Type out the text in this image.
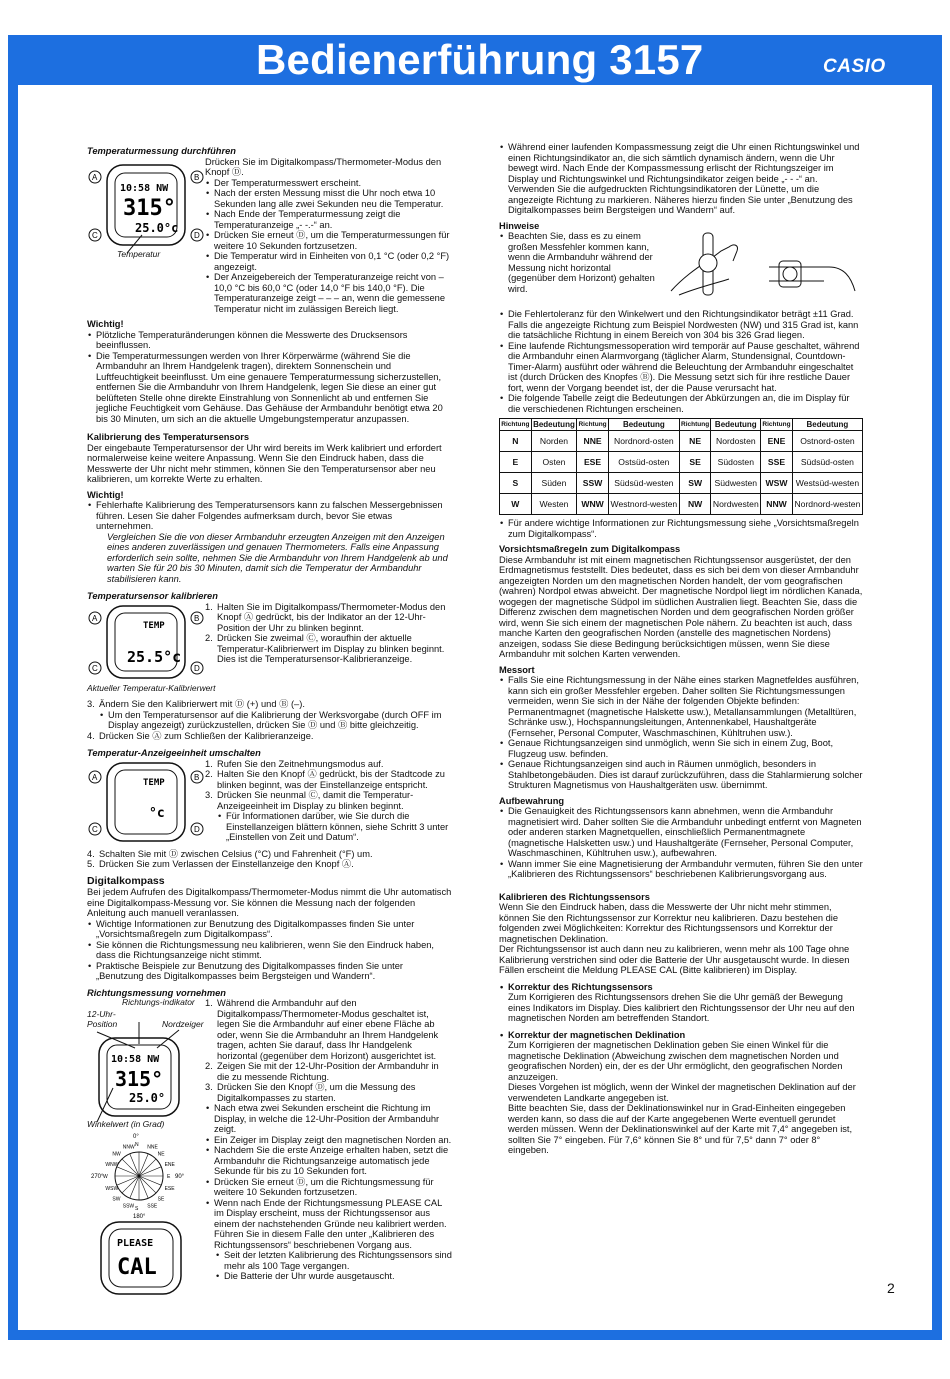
Bedienerführung 3157	CASIO
Temperaturmessung durchführen
A	B
C	D
10:58 NW
315°
25.0°c
Temperatur

Drücken Sie im Digitalkompass/Thermometer-Modus den Knopf Ⓓ.

• Der Temperaturmesswert erscheint.
• Nach der ersten Messung misst die Uhr noch etwa 10 Sekunden lang alle zwei Sekunden neu die Temperatur.
• Nach Ende der Temperaturmessung zeigt die Temperaturanzeige „- -.-“ an.
• Drücken Sie erneut Ⓓ, um die Temperaturmessungen für weitere 10 Sekunden fortzusetzen.
• Die Temperatur wird in Einheiten von 0,1 °C (oder 0,2 °F) angezeigt.
• Der Anzeigebereich der Temperaturanzeige reicht von –10,0 °C bis 60,0 °C (oder 14,0 °F bis 140,0 °F). Die Temperaturanzeige zeigt – – – an, wenn die gemessene Temperatur nicht im zulässigen Bereich liegt.
Wichtig!
• Plötzliche Temperaturänderungen können die Messwerte des Drucksensors beeinflussen.
• Die Temperaturmessungen werden von Ihrer Körperwärme (während Sie die Armbanduhr an Ihrem Handgelenk tragen), direktem Sonnenschein und Luftfeuchtigkeit beeinflusst. Um eine genauere Temperaturmessung sicherzustellen, entfernen Sie die Armbanduhr von Ihrem Handgelenk, legen Sie diese an einer gut belüfteten Stelle ohne direkte Einstrahlung von Sonnenlicht ab und entfernen Sie jegliche Feuchtigkeit vom Gehäuse. Das Gehäuse der Armbanduhr benötigt etwa 20 bis 30 Minuten, um sich an die aktuelle Umgebungstemperatur anzupassen.
Kalibrierung des Temperatursensors

Der eingebaute Temperatursensor der Uhr wird bereits im Werk kalibriert und erfordert normalerweise keine weitere Anpassung. Wenn Sie den Eindruck haben, dass die Messwerte der Uhr nicht mehr stimmen, können Sie den Temperatursensor aber neu kalibrieren, um korrekte Werte zu erhalten.

Wichtig!
• Fehlerhafte Kalibrierung des Temperatursensors kann zu falschen Messergebnissen führen. Lesen Sie daher Folgendes aufmerksam durch, bevor Sie etwas unternehmen.

Vergleichen Sie die von dieser Armbanduhr erzeugten Anzeigen mit den Anzeigen eines anderen zuverlässigen und genauen Thermometers. Falls eine Anpassung erforderlich sein sollte, nehmen Sie die Armbanduhr von Ihrem Handgelenk ab und warten Sie für 20 bis 30 Minuten, damit sich die Temperatur der Armbanduhr stabilisieren kann.

Temperatursensor kalibrieren
A	B
C	D
TEMP
25.5°c
1. Halten Sie im Digitalkompass/Thermometer-Modus den Knopf Ⓐ gedrückt, bis der Indikator an der 12-Uhr-Position der Uhr zu blinken beginnt.
2. Drücken Sie zweimal Ⓒ, woraufhin der aktuelle Temperatur-Kalibrierwert im Display zu blinken beginnt. Dies ist die Temperatursensor-Kalibrieranzeige.
Aktueller Temperatur-Kalibrierwert
3. Ändern Sie den Kalibrierwert mit Ⓓ (+) und Ⓑ (–).
• Um den Temperatursensor auf die Kalibrierung der Werksvorgabe (durch OFF im Display angezeigt) zurückzustellen, drücken Sie Ⓓ und Ⓑ bitte gleichzeitig.
4. Drücken Sie Ⓐ zum Schließen der Kalibrieranzeige.
Temperatur-Anzeigeeinheit umschalten
A	B
C	D
TEMP
°c
1. Rufen Sie den Zeitnehmungsmodus auf.
2. Halten Sie den Knopf Ⓐ gedrückt, bis der Stadtcode zu blinken beginnt, was der Einstellanzeige entspricht.
3. Drücken Sie neunmal Ⓒ, damit die Temperatur-Anzeigeeinheit im Display zu blinken beginnt.
• Für Informationen darüber, wie Sie durch die Einstellanzeigen blättern können, siehe Schritt 3 unter „Einstellen von Zeit und Datum“.
4. Schalten Sie mit Ⓓ zwischen Celsius (°C) und Fahrenheit (°F) um.
5. Drücken Sie zum Verlassen der Einstellanzeige den Knopf Ⓐ.
Digitalkompass

Bei jedem Aufrufen des Digitalkompass/Thermometer-Modus nimmt die Uhr automatisch eine Digitalkompass-Messung vor. Sie können die Messung nach der folgenden Anleitung auch manuell veranlassen.

• Wichtige Informationen zur Benutzung des Digitalkompasses finden Sie unter „Vorsichtsmaßregeln zum Digitalkompass“.
• Sie können die Richtungsmessung neu kalibrieren, wenn Sie den Eindruck haben, dass die Richtungsanzeige nicht stimmt.
• Praktische Beispiele zur Benutzung des Digitalkompasses finden Sie unter „Benutzung des Digitalkompasses beim Bergsteigen und Wandern“.
Richtungsmessung vornehmen
Richtungs-indikator
12-Uhr-Position	Nordzeiger
10:58 NW
315°
25.0°
Winkelwert (in Grad)
N NNE
NE
ENE
E
ESE
SE
SSE
S
SSW
SW
WSW
W
WNW
NW
NNW
0°
90°
180°
270°
PLEASE
CAL
1. Während die Armbanduhr auf den Digitalkompass/Thermometer-Modus geschaltet ist, legen Sie die Armbanduhr auf einer ebene Fläche ab oder, wenn Sie die Armbanduhr an Ihrem Handgelenk tragen, achten Sie darauf, dass Ihr Handgelenk horizontal (gegenüber dem Horizont) ausgerichtet ist.
2. Zeigen Sie mit der 12-Uhr-Position der Armbanduhr in die zu messende Richtung.
3. Drücken Sie den Knopf Ⓓ, um die Messung des Digitalkompasses zu starten.
• Nach etwa zwei Sekunden erscheint die Richtung im Display, in welche die 12-Uhr-Position der Armbanduhr zeigt.
• Ein Zeiger im Display zeigt den magnetischen Norden an.
• Nachdem Sie die erste Anzeige erhalten haben, setzt die Armbanduhr die Richtungsanzeige automatisch jede Sekunde für bis zu 10 Sekunden fort.
• Drücken Sie erneut Ⓓ, um die Richtungsmessung für weitere 10 Sekunden fortzusetzen.
• Wenn nach Ende der Richtungsmessung PLEASE CAL im Display erscheint, muss der Richtungssensor aus einem der nachstehenden Gründe neu kalibriert werden. Führen Sie in diesem Falle den unter „Kalibrieren des Richtungssensors“ beschriebenen Vorgang aus.
• Seit der letzten Kalibrierung des Richtungssensors sind mehr als 100 Tage vergangen.
• Die Batterie der Uhr wurde ausgetauscht.
• Während einer laufenden Kompassmessung zeigt die Uhr einen Richtungswinkel und einen Richtungsindikator an, die sich sämtlich dynamisch ändern, wenn die Uhr bewegt wird. Nach Ende der Kompassmessung erlischt der Richtungszeiger im Display und Richtungswinkel und Richtungsindikator zeigen beide „- - -“ an. Verwenden Sie die aufgedruckten Richtungsindikatoren der Lünette, um die angezeigte Richtung zu markieren. Näheres hierzu finden Sie unter „Benutzung des Digitalkompasses beim Bergsteigen und Wandern“ auf.
Hinweise
• Beachten Sie, dass es zu einem großen Messfehler kommen kann, wenn die Armbanduhr während der Messung nicht horizontal (gegenüber dem Horizont) gehalten wird.
• Die Fehlertoleranz für den Winkelwert und den Richtungsindikator beträgt ±11 Grad. Falls die angezeigte Richtung zum Beispiel Nordwesten (NW) und 315 Grad ist, kann die tatsächliche Richtung in einem Bereich von 304 bis 326 Grad liegen.
• Eine laufende Richtungsmessoperation wird temporär auf Pause geschaltet, während die Armbanduhr einen Alarmvorgang (täglicher Alarm, Stundensignal, Countdown-Timer-Alarm) ausführt oder während die Beleuchtung der Armbanduhr eingeschaltet ist (durch Drücken des Knopfes Ⓑ). Die Messung setzt sich für ihre restliche Dauer fort, wenn der Vorgang beendet ist, der die Pause verursacht hat.
• Die folgende Tabelle zeigt die Bedeutungen der Abkürzungen an, die im Display für die verschiedenen Richtungen erscheinen.
Richtung	Bedeutung	Richtung	Bedeutung	Richtung	Bedeutung	Richtung	Bedeutung
N	Norden	NNE	Nordnord-osten	NE	Nordosten	ENE	Ostnord-osten
E	Osten	ESE	Ostsüd-osten	SE	Südosten	SSE	Südsüd-osten
S	Süden	SSW	Südsüd-westen	SW	Südwesten	WSW	Westsüd-westen
W	Westen	WNW	Westnord-westen	NW	Nordwesten	NNW	Nordnord-westen
• Für andere wichtige Informationen zur Richtungsmessung siehe „Vorsichtsmaßregeln zum Digitalkompass“.
Vorsichtsmaßregeln zum Digitalkompass

Diese Armbanduhr ist mit einem magnetischen Richtungssensor ausgerüstet, der den Erdmagnetismus feststellt. Dies bedeutet, dass es sich bei dem von dieser Armbanduhr angezeigten Norden um den magnetischen Norden handelt, der vom geografischen (wahren) Nordpol etwas abweicht. Der magnetische Nordpol liegt im nördlichen Kanada, wogegen der magnetische Südpol im südlichen Australien liegt. Beachten Sie, dass die Differenz zwischen dem magnetischen Norden und dem geografischen Norden größer wird, wenn Sie sich einem der magnetischen Pole nähern. Zu beachten ist auch, dass manche Karten den geografischen Norden (anstelle des magnetischen Nordens) anzeigen, sodass Sie diese Bedingung berücksichtigen müssen, wenn Sie diese Armbanduhr mit solchen Karten verwenden.

Messort
• Falls Sie eine Richtungsmessung in der Nähe eines starken Magnetfeldes ausführen, kann sich ein großer Messfehler ergeben. Daher sollten Sie Richtungsmessungen vermeiden, wenn Sie sich in der Nähe der folgenden Objekte befinden: Permanentmagnet (magnetische Halskette usw.), Metallansammlungen (Metalltüren, Schränke usw.), Hochspannungsleitungen, Antennenkabel, Haushaltgeräte (Fernseher, Personal Computer, Waschmaschinen, Kühltruhen usw.).
• Genaue Richtungsanzeigen sind unmöglich, wenn Sie sich in einem Zug, Boot, Flugzeug usw. befinden.
• Genaue Richtungsanzeigen sind auch in Räumen unmöglich, besonders in Stahlbetongebäuden. Dies ist darauf zurückzuführen, dass die Stahlarmierung solcher Strukturen Magnetismus von Haushaltgeräten usw. übernimmt.
Aufbewahrung
• Die Genauigkeit des Richtungssensors kann abnehmen, wenn die Armbanduhr magnetisiert wird. Daher sollten Sie die Armbanduhr unbedingt entfernt von Magneten oder anderen starken Magnetquellen, einschließlich Permanentmagnete (magnetische Halsketten usw.) und Haushaltgeräte (Fernseher, Personal Computer, Waschmaschinen, Kühltruhen usw.), aufbewahren.
• Wann immer Sie eine Magnetisierung der Armbanduhr vermuten, führen Sie den unter „Kalibrieren des Richtungssensors“ beschriebenen Kalibrierungsvorgang aus.
Kalibrieren des Richtungssensors

Wenn Sie den Eindruck haben, dass die Messwerte der Uhr nicht mehr stimmen, können Sie den Richtungssensor zur Korrektur neu kalibrieren. Dazu bestehen die folgenden zwei Möglichkeiten: Korrektur des Richtungssensors und Korrektur der magnetischen Deklination.

Der Richtungssensor ist auch dann neu zu kalibrieren, wenn mehr als 100 Tage ohne Kalibrierung verstrichen sind oder die Batterie der Uhr ausgetauscht wurde. In diesen Fällen erscheint die Meldung PLEASE CAL (Bitte kalibrieren) im Display.

• Korrektur des Richtungssensors

Zum Korrigieren des Richtungssensors drehen Sie die Uhr gemäß der Bewegung eines Indikators im Display. Dies kalibriert den Richtungssensor der Uhr neu auf den magnetischen Norden am betreffenden Standort.

• Korrektur der magnetischen Deklination

Zum Korrigieren der magnetischen Deklination geben Sie einen Winkel für die magnetische Deklination (Abweichung zwischen dem magnetischen Norden und geografischen Norden) ein, der es der Uhr ermöglicht, den geografischen Norden anzuzeigen.

Dieses Vorgehen ist möglich, wenn der Winkel der magnetischen Deklination auf der verwendeten Landkarte angegeben ist.

Bitte beachten Sie, dass der Deklinationswinkel nur in Grad-Einheiten eingegeben werden kann, so dass die auf der Karte angegebenen Werte eventuell gerundet werden müssen. Wenn der Deklinationswinkel auf der Karte mit 7,4° angegeben ist, sollten Sie 7° eingeben. Für 7,6° können Sie 8° und für 7,5° dann 7° oder 8° eingeben.

2
